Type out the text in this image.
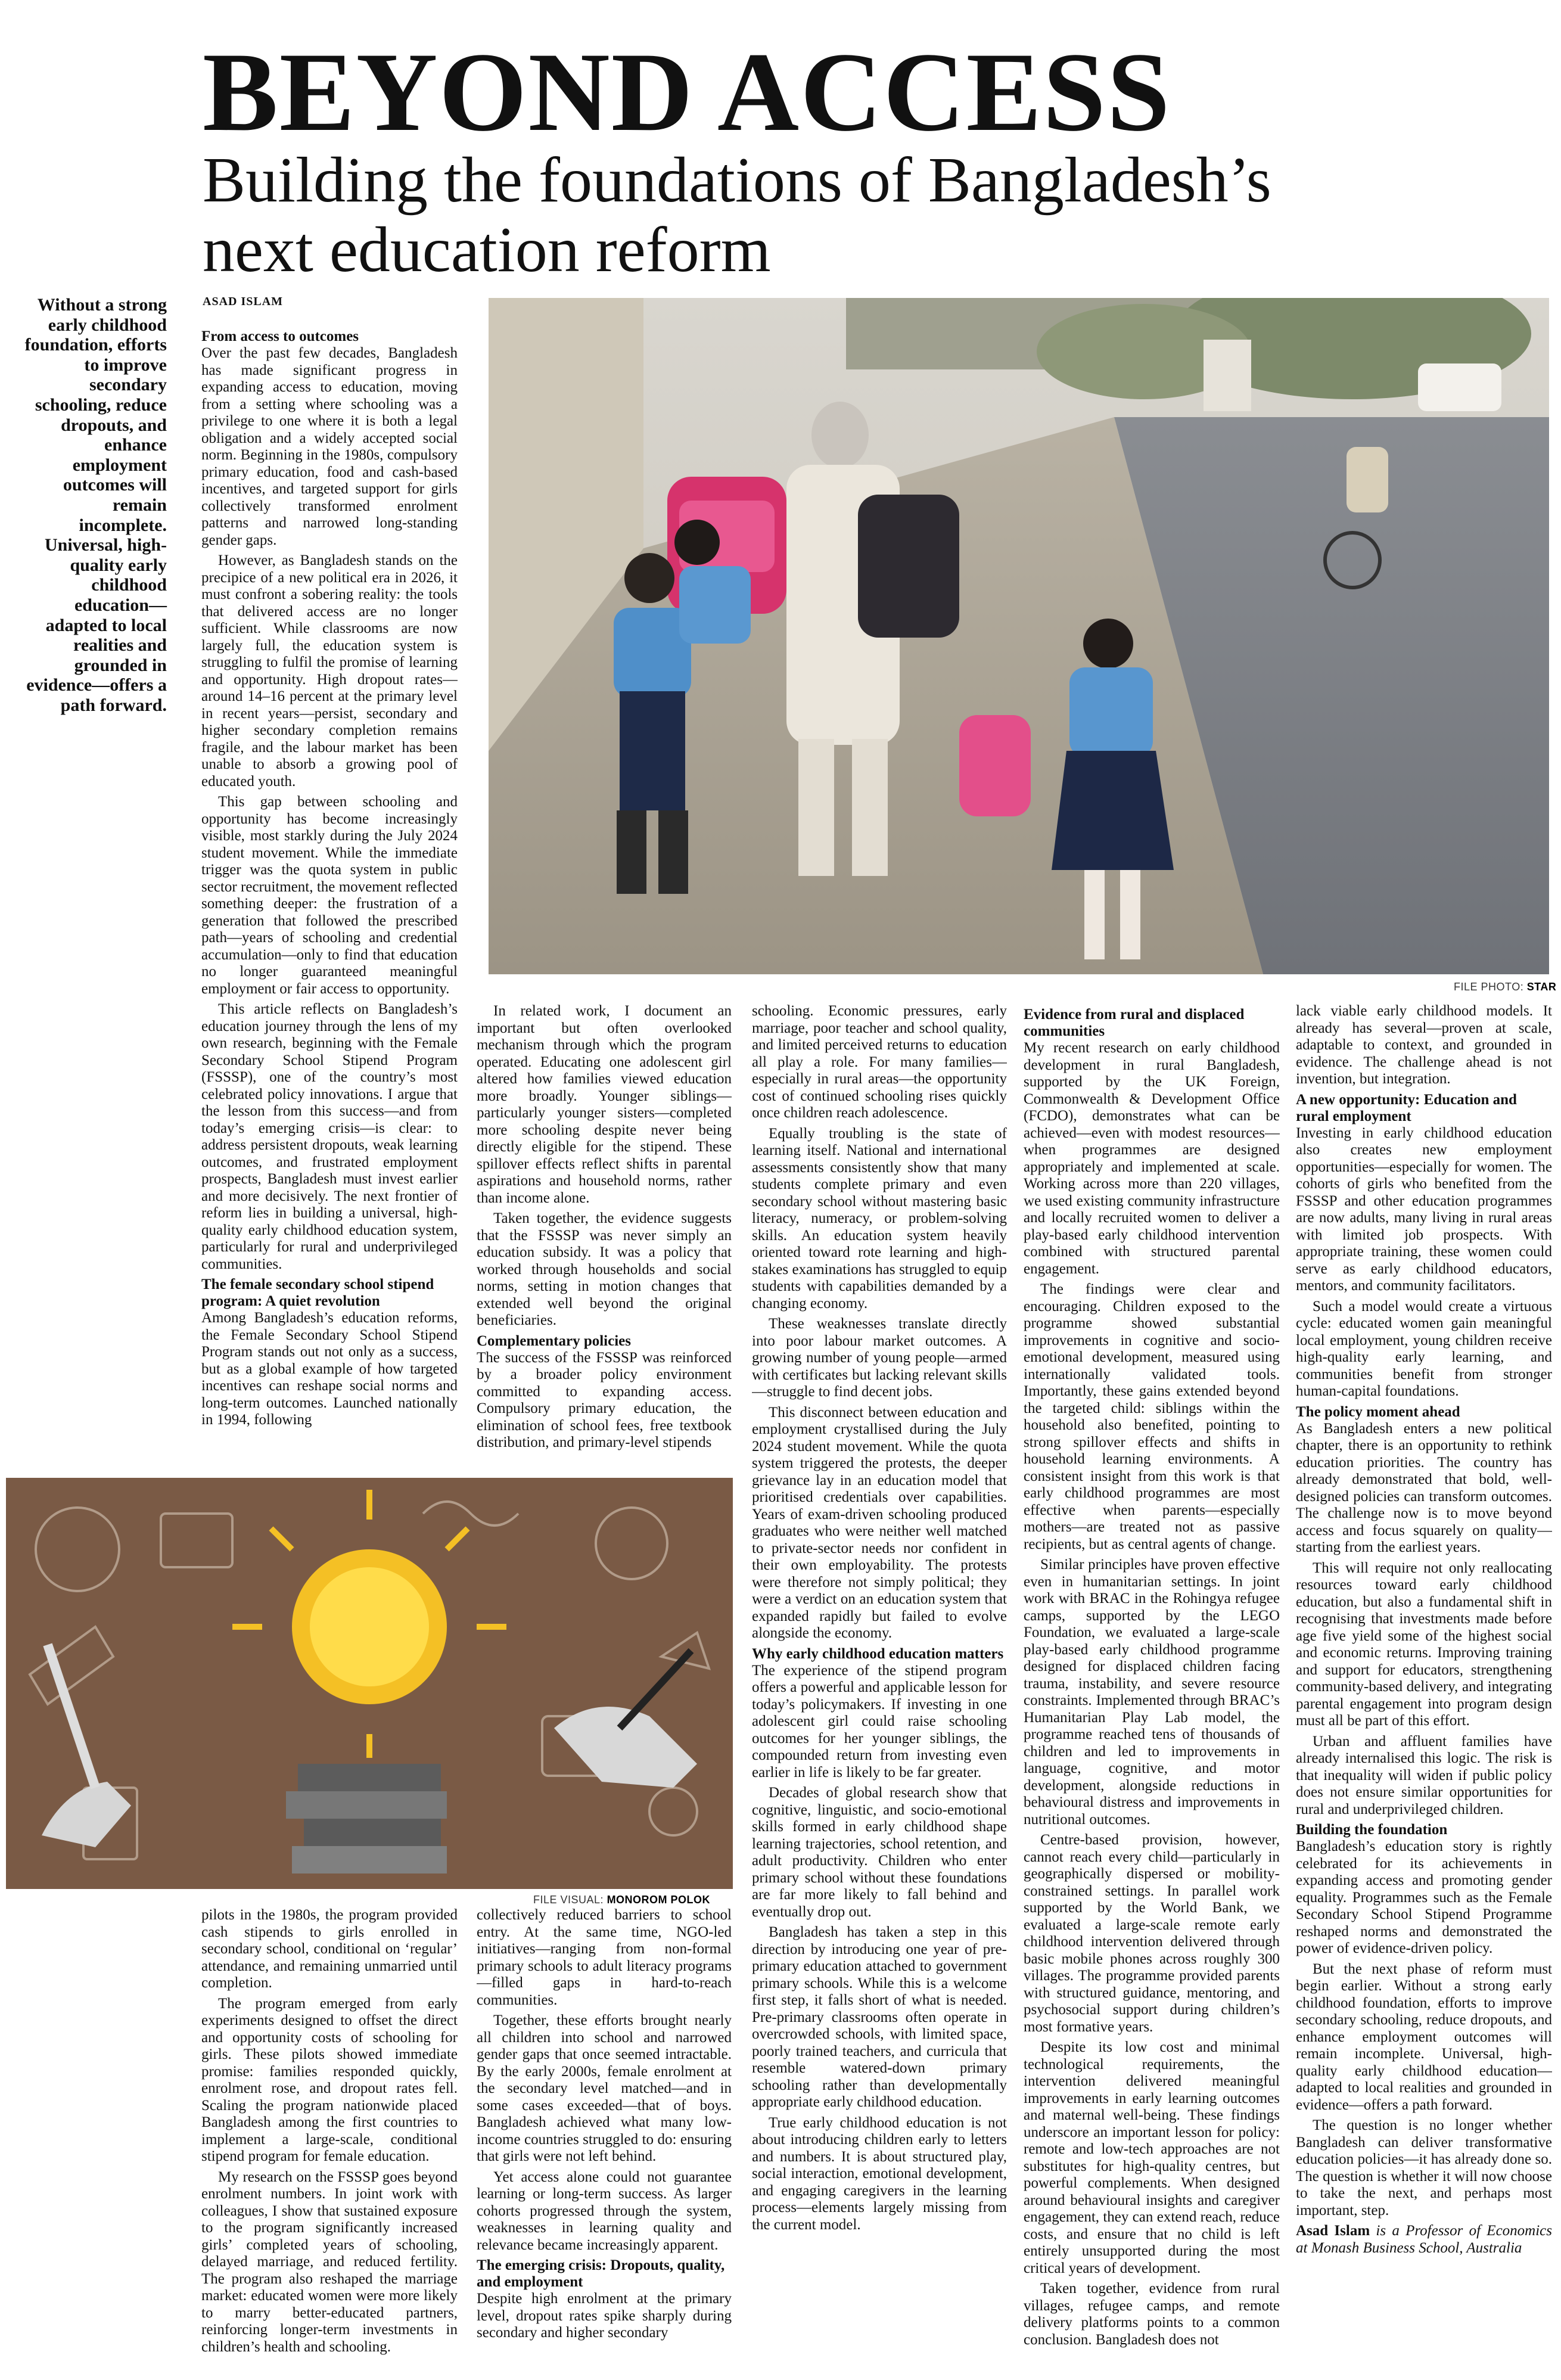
BEYOND ACCESS
Building the foundations of Bangladesh’s
next education reform
Without a strong early childhood foundation, efforts to improve secondary schooling, reduce dropouts, and enhance employment outcomes will remain incomplete. Universal, high-quality early childhood education—adapted to local realities and grounded in evidence—offers a path forward.
ASAD ISLAM
FILE PHOTO: STAR
FILE VISUAL: MONOROM POLOK
From access to outcomes

Over the past few decades, Bangladesh has made significant progress in expanding access to education, moving from a setting where schooling was a privilege to one where it is both a legal obligation and a widely accepted social norm. Beginning in the 1980s, compulsory primary education, food and cash-based incentives, and targeted support for girls collectively transformed enrolment patterns and narrowed long-standing gender gaps.

However, as Bangladesh stands on the precipice of a new political era in 2026, it must confront a sobering reality: the tools that delivered access are no longer sufficient. While classrooms are now largely full, the education system is struggling to fulfil the promise of learning and opportunity. High dropout rates—around 14–16 percent at the primary level in recent years—persist, secondary and higher secondary completion remains fragile, and the labour market has been unable to absorb a growing pool of educated youth.

This gap between schooling and opportunity has become increasingly visible, most starkly during the July 2024 student movement. While the immediate trigger was the quota system in public sector recruitment, the movement reflected something deeper: the frustration of a generation that followed the prescribed path—years of schooling and credential accumulation—only to find that education no longer guaranteed meaningful employment or fair access to opportunity.

This article reflects on Bangladesh’s education journey through the lens of my own research, beginning with the Female Secondary School Stipend Program (FSSSP), one of the country’s most celebrated policy innovations. I argue that the lesson from this success—and from today’s emerging crisis—is clear: to address persistent dropouts, weak learning outcomes, and frustrated employment prospects, Bangladesh must invest earlier and more decisively. The next frontier of reform lies in building a universal, high-quality early childhood education system, particularly for rural and underprivileged communities.

The female secondary school stipend program: A quiet revolution

Among Bangladesh’s education reforms, the Female Secondary School Stipend Program stands out not only as a success, but as a global example of how targeted incentives can reshape social norms and long-term outcomes. Launched nationally in 1994, following

In related work, I document an important but often overlooked mechanism through which the program operated. Educating one adolescent girl altered how families viewed education more broadly. Younger siblings—particularly younger sisters—completed more schooling despite never being directly eligible for the stipend. These spillover effects reflect shifts in parental aspirations and household norms, rather than income alone.

Taken together, the evidence suggests that the FSSSP was never simply an education subsidy. It was a policy that worked through households and social norms, setting in motion changes that extended well beyond the original beneficiaries.

Complementary policies

The success of the FSSSP was reinforced by a broader policy environment committed to expanding access. Compulsory primary education, the elimination of school fees, free textbook distribution, and primary-level stipends

schooling. Economic pressures, early marriage, poor teacher and school quality, and limited perceived returns to education all play a role. For many families—especially in rural areas—the opportunity cost of continued schooling rises quickly once children reach adolescence.

Equally troubling is the state of learning itself. National and international assessments consistently show that many students complete primary and even secondary school without mastering basic literacy, numeracy, or problem-solving skills. An education system heavily oriented toward rote learning and high-stakes examinations has struggled to equip students with capabilities demanded by a changing economy.

These weaknesses translate directly into poor labour market outcomes. A growing number of young people—armed with certificates but lacking relevant skills—struggle to find decent jobs.

This disconnect between education and employment crystallised during the July 2024 student movement. While the quota system triggered the protests, the deeper grievance lay in an education model that prioritised credentials over capabilities. Years of exam-driven schooling produced graduates who were neither well matched to private-sector needs nor confident in their own employability. The protests were therefore not simply political; they were a verdict on an education system that expanded rapidly but failed to evolve alongside the economy.

Why early childhood education matters

The experience of the stipend program offers a powerful and applicable lesson for today’s policymakers. If investing in one adolescent girl could raise schooling outcomes for her younger siblings, the compounded return from investing even earlier in life is likely to be far greater.

Decades of global research show that cognitive, linguistic, and socio-emotional skills formed in early childhood shape learning trajectories, school retention, and adult productivity. Children who enter primary school without these foundations are far more likely to fall behind and eventually drop out.

Bangladesh has taken a step in this direction by introducing one year of pre-primary education attached to government primary schools. While this is a welcome first step, it falls short of what is needed. Pre-primary classrooms often operate in overcrowded schools, with limited space, poorly trained teachers, and curricula that resemble watered-down primary schooling rather than developmentally appropriate early childhood education.

True early childhood education is not about introducing children early to letters and numbers. It is about structured play, social interaction, emotional development, and engaging caregivers in the learning process—elements largely missing from the current model.

Evidence from rural and displaced communities

My recent research on early childhood development in rural Bangladesh, supported by the UK Foreign, Commonwealth & Development Office (FCDO), demonstrates what can be achieved—even with modest resources—when programmes are designed appropriately and implemented at scale. Working across more than 220 villages, we used existing community infrastructure and locally recruited women to deliver a play-based early childhood intervention combined with structured parental engagement.

The findings were clear and encouraging. Children exposed to the programme showed substantial improvements in cognitive and socio-emotional development, measured using internationally validated tools. Importantly, these gains extended beyond the targeted child: siblings within the household also benefited, pointing to strong spillover effects and shifts in household learning environments. A consistent insight from this work is that early childhood programmes are most effective when parents—especially mothers—are treated not as passive recipients, but as central agents of change.

Similar principles have proven effective even in humanitarian settings. In joint work with BRAC in the Rohingya refugee camps, supported by the LEGO Foundation, we evaluated a large-scale play-based early childhood programme designed for displaced children facing trauma, instability, and severe resource constraints. Implemented through BRAC’s Humanitarian Play Lab model, the programme reached tens of thousands of children and led to improvements in language, cognitive, and motor development, alongside reductions in behavioural distress and improvements in nutritional outcomes.

Centre-based provision, however, cannot reach every child—particularly in geographically dispersed or mobility-constrained settings. In parallel work supported by the World Bank, we evaluated a large-scale remote early childhood intervention delivered through basic mobile phones across roughly 300 villages. The programme provided parents with structured guidance, mentoring, and psychosocial support during children’s most formative years.

Despite its low cost and minimal technological requirements, the intervention delivered meaningful improvements in early learning outcomes and maternal well-being. These findings underscore an important lesson for policy: remote and low-tech approaches are not substitutes for high-quality centres, but powerful complements. When designed around behavioural insights and caregiver engagement, they can extend reach, reduce costs, and ensure that no child is left entirely unsupported during the most critical years of development.

Taken together, evidence from rural villages, refugee camps, and remote delivery platforms points to a common conclusion. Bangladesh does not

lack viable early childhood models. It already has several—proven at scale, adaptable to context, and grounded in evidence. The challenge ahead is not invention, but integration.

A new opportunity: Education and rural employment

Investing in early childhood education also creates new employment opportunities—especially for women. The cohorts of girls who benefited from the FSSSP and other education programmes are now adults, many living in rural areas with limited job prospects. With appropriate training, these women could serve as early childhood educators, mentors, and community facilitators.

Such a model would create a virtuous cycle: educated women gain meaningful local employment, young children receive high-quality early learning, and communities benefit from stronger human-capital foundations.

The policy moment ahead

As Bangladesh enters a new political chapter, there is an opportunity to rethink education priorities. The country has already demonstrated that bold, well-designed policies can transform outcomes. The challenge now is to move beyond access and focus squarely on quality—starting from the earliest years.

This will require not only reallocating resources toward early childhood education, but also a fundamental shift in recognising that investments made before age five yield some of the highest social and economic returns. Improving training and support for educators, strengthening community-based delivery, and integrating parental engagement into program design must all be part of this effort.

Urban and affluent families have already internalised this logic. The risk is that inequality will widen if public policy does not ensure similar opportunities for rural and underprivileged children.

Building the foundation

Bangladesh’s education story is rightly celebrated for its achievements in expanding access and promoting gender equality. Programmes such as the Female Secondary School Stipend Programme reshaped norms and demonstrated the power of evidence-driven policy.

But the next phase of reform must begin earlier. Without a strong early childhood foundation, efforts to improve secondary schooling, reduce dropouts, and enhance employment outcomes will remain incomplete. Universal, high-quality early childhood education—adapted to local realities and grounded in evidence—offers a path forward.

The question is no longer whether Bangladesh can deliver transformative education policies—it has already done so. The question is whether it will now choose to take the next, and perhaps most important, step.

Asad Islam is a Professor of Economics at Monash Business School, Australia

pilots in the 1980s, the program provided cash stipends to girls enrolled in secondary school, conditional on ‘regular’ attendance, and remaining unmarried until completion.

The program emerged from early experiments designed to offset the direct and opportunity costs of schooling for girls. These pilots showed immediate promise: families responded quickly, enrolment rose, and dropout rates fell. Scaling the program nationwide placed Bangladesh among the first countries to implement a large-scale, conditional stipend program for female education.

My research on the FSSSP goes beyond enrolment numbers. In joint work with colleagues, I show that sustained exposure to the program significantly increased girls’ completed years of schooling, delayed marriage, and reduced fertility. The program also reshaped the marriage market: educated women were more likely to marry better-educated partners, reinforcing longer-term investments in children’s health and schooling.

collectively reduced barriers to school entry. At the same time, NGO-led initiatives—ranging from non-formal primary schools to adult literacy programs—filled gaps in hard-to-reach communities.

Together, these efforts brought nearly all children into school and narrowed gender gaps that once seemed intractable. By the early 2000s, female enrolment at the secondary level matched—and in some cases exceeded—that of boys. Bangladesh achieved what many low-income countries struggled to do: ensuring that girls were not left behind.

Yet access alone could not guarantee learning or long-term success. As larger cohorts progressed through the system, weaknesses in learning quality and relevance became increasingly apparent.

The emerging crisis: Dropouts, quality, and employment

Despite high enrolment at the primary level, dropout rates spike sharply during secondary and higher secondary
